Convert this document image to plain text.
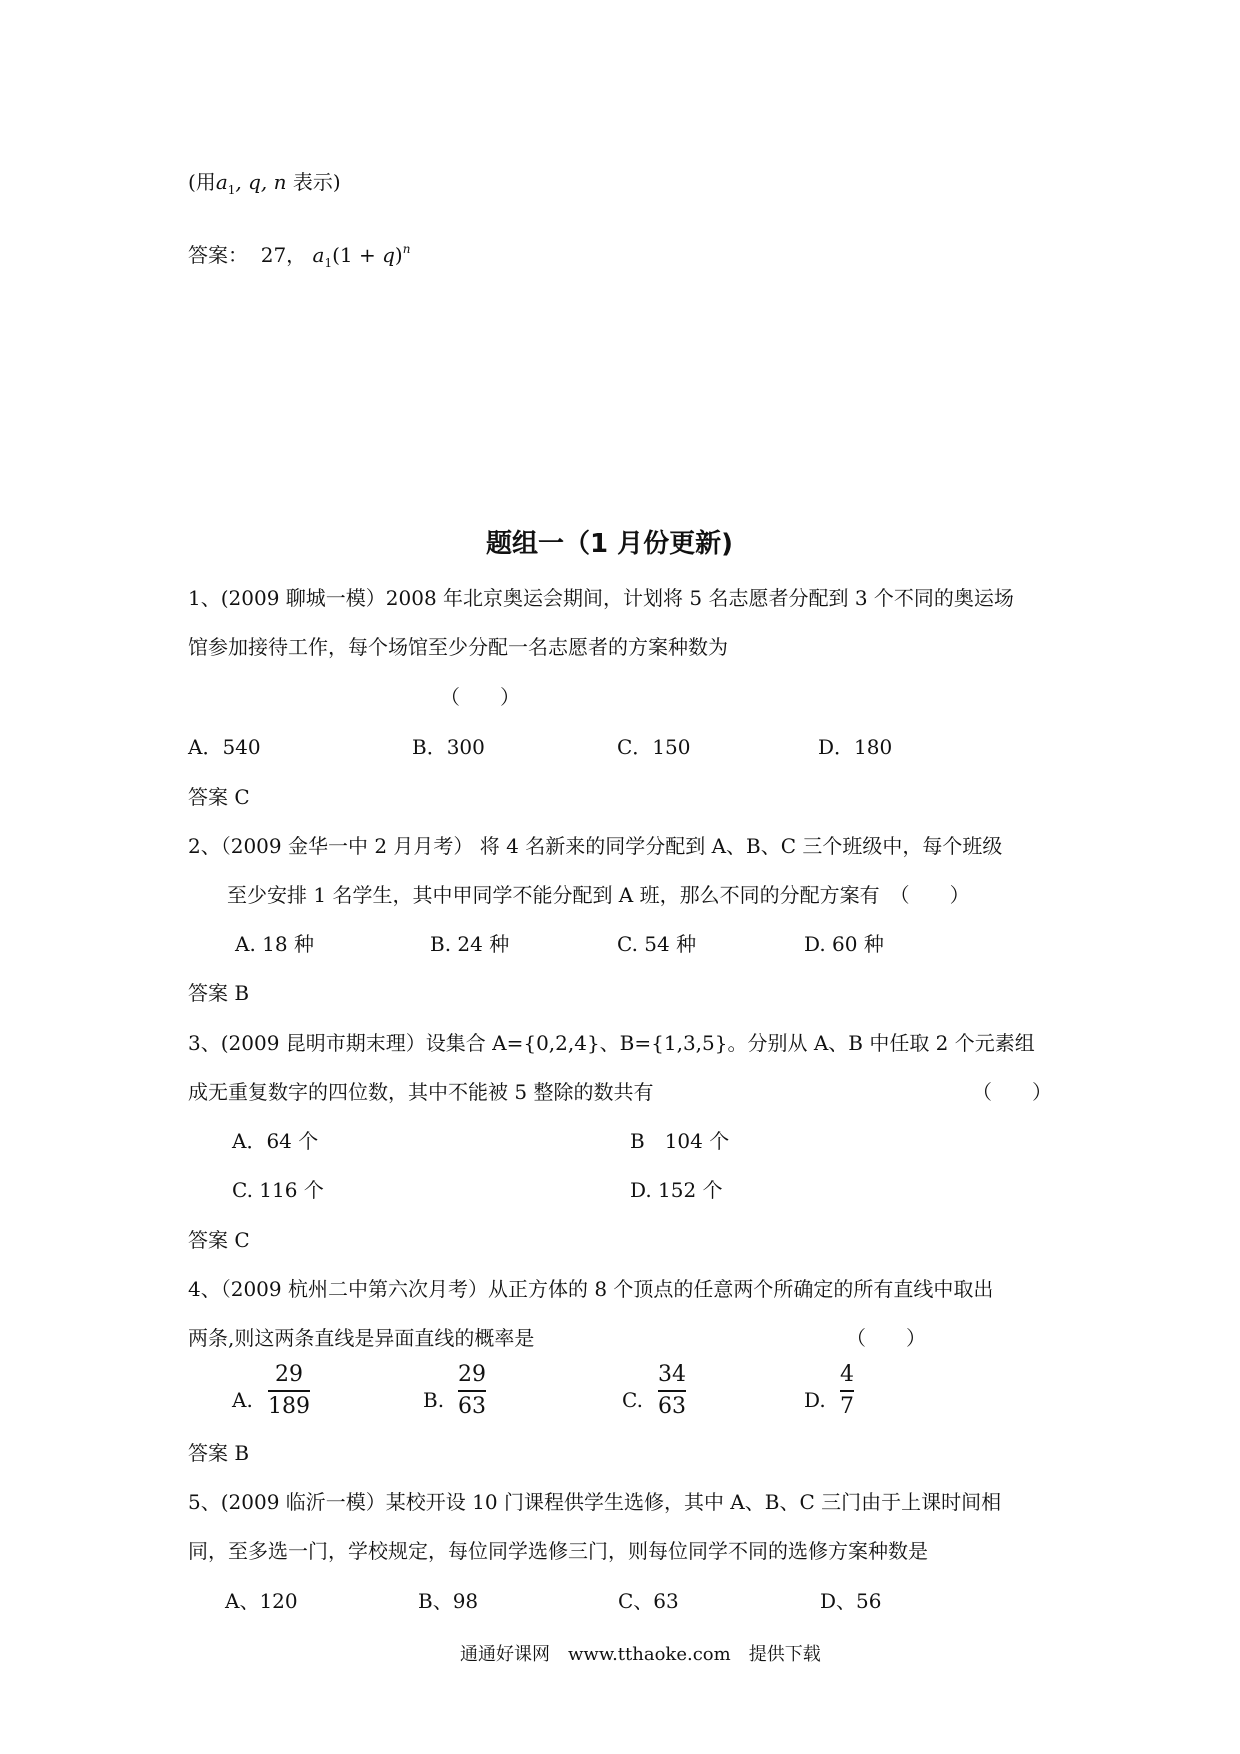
(用$a_1$, q, n 表示)
答案： 27， $a_1(1 + q)^n$
题组一（1 月份更新)
1、(2009 聊城一模）2008 年北京奥运会期间，计划将 5 名志愿者分配到 3 个不同的奥运场
馆参加接待工作，每个场馆至少分配一名志愿者的方案种数为
（　　）
A．540	B．300	C．150	D．180
答案 C
2、（2009 金华一中 2 月月考） 将 4 名新来的同学分配到 A、B、C 三个班级中，每个班级
至少安排 1 名学生，其中甲同学不能分配到 A 班，那么不同的分配方案有　（　　）
A. 18 种	B. 24 种	C. 54 种	D. 60 种
答案 B
3、(2009 昆明市期末理）设集合 A={0,2,4}、B={1,3,5}。分别从 A、B 中任取 2 个元素组
成无重复数字的四位数，其中不能被 5 整除的数共有	（　　）
A．64 个	B　104 个
C. 116 个	D. 152 个
答案 C
4、（2009 杭州二中第六次月考）从正方体的 8 个顶点的任意两个所确定的所有直线中取出
两条,则这两条直线是异面直线的概率是	（　　）
A.
29
189	B.
29
63	C.
34
63	D.
4
7
答案 B
5、(2009 临沂一模）某校开设 10 门课程供学生选修，其中 A、B、C 三门由于上课时间相
同，至多选一门，学校规定，每位同学选修三门，则每位同学不同的选修方案种数是
A、120	B、98	C、63	D、56
通通好课网　www.tthaoke.com　提供下载
